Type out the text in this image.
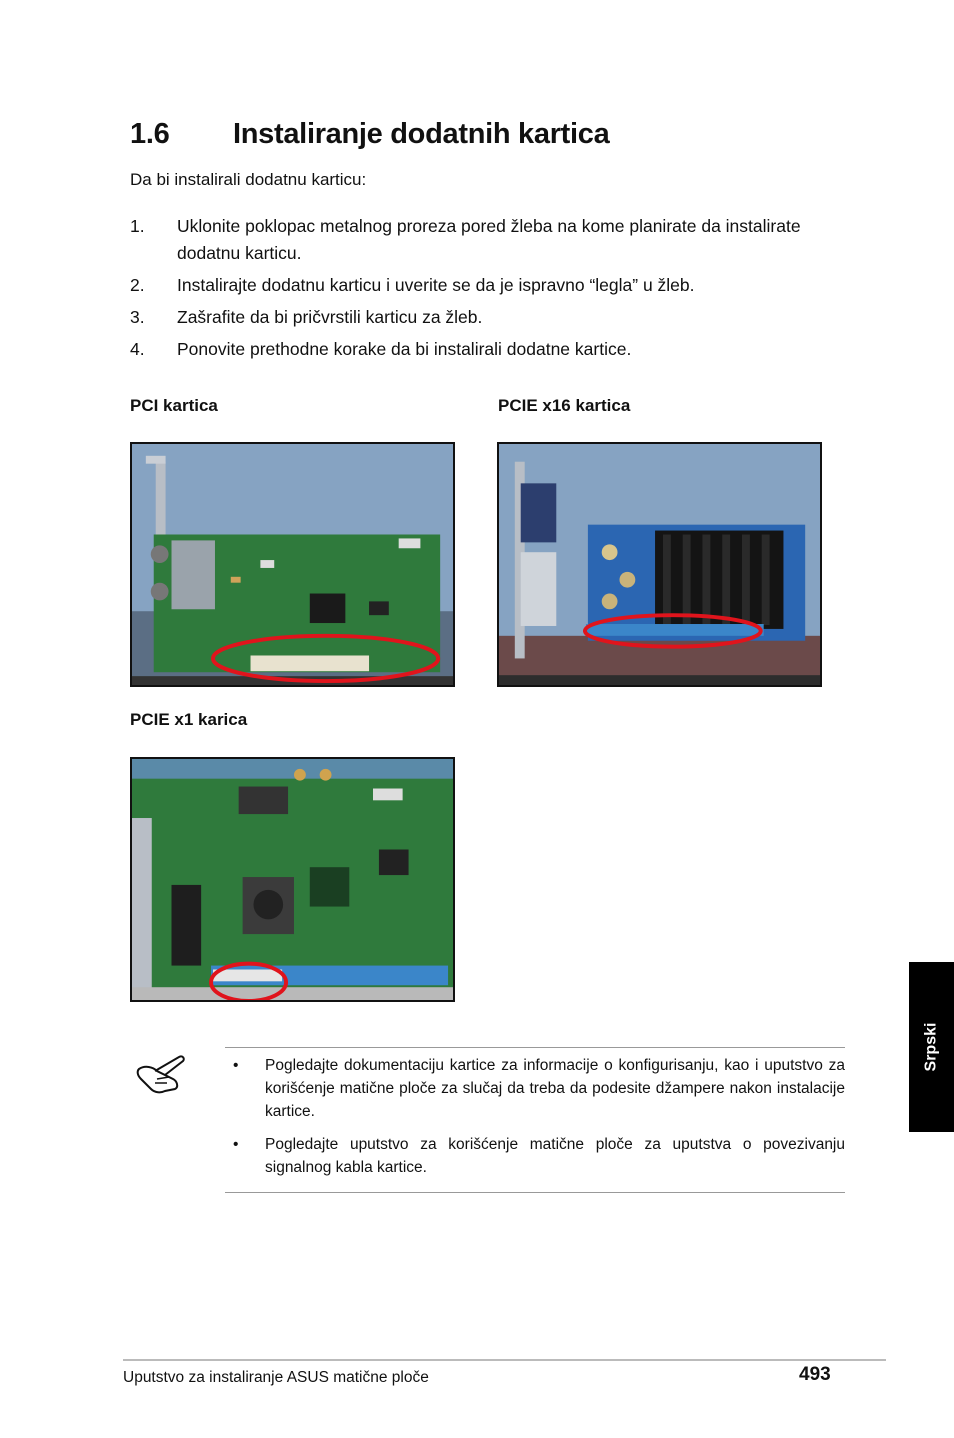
1.6 Instaliranje dodatnih kartica
Da bi instalirali dodatnu karticu:
1. Uklonite poklopac metalnog proreza pored žleba na kome planirate da instalirate dodatnu karticu.
2. Instalirajte dodatnu karticu i uverite se da je ispravno “legla” u žleb.
3. Zašrafite da bi pričvrstili karticu za žleb.
4. Ponovite prethodne korake da bi instalirali dodatne kartice.
PCI kartica	PCIE x16 kartica
PCIE x1 karica
• Pogledajte dokumentaciju kartice za informacije o konfigurisanju, kao i uputstvo za korišćenje matične ploče za slučaj da treba da podesite džampere nakon instalacije kartice.
• Pogledajte uputstvo za korišćenje matične ploče za uputstva o povezivanju signalnog kabla kartice.
Srpski
Uputstvo za instaliranje ASUS matične ploče	493
